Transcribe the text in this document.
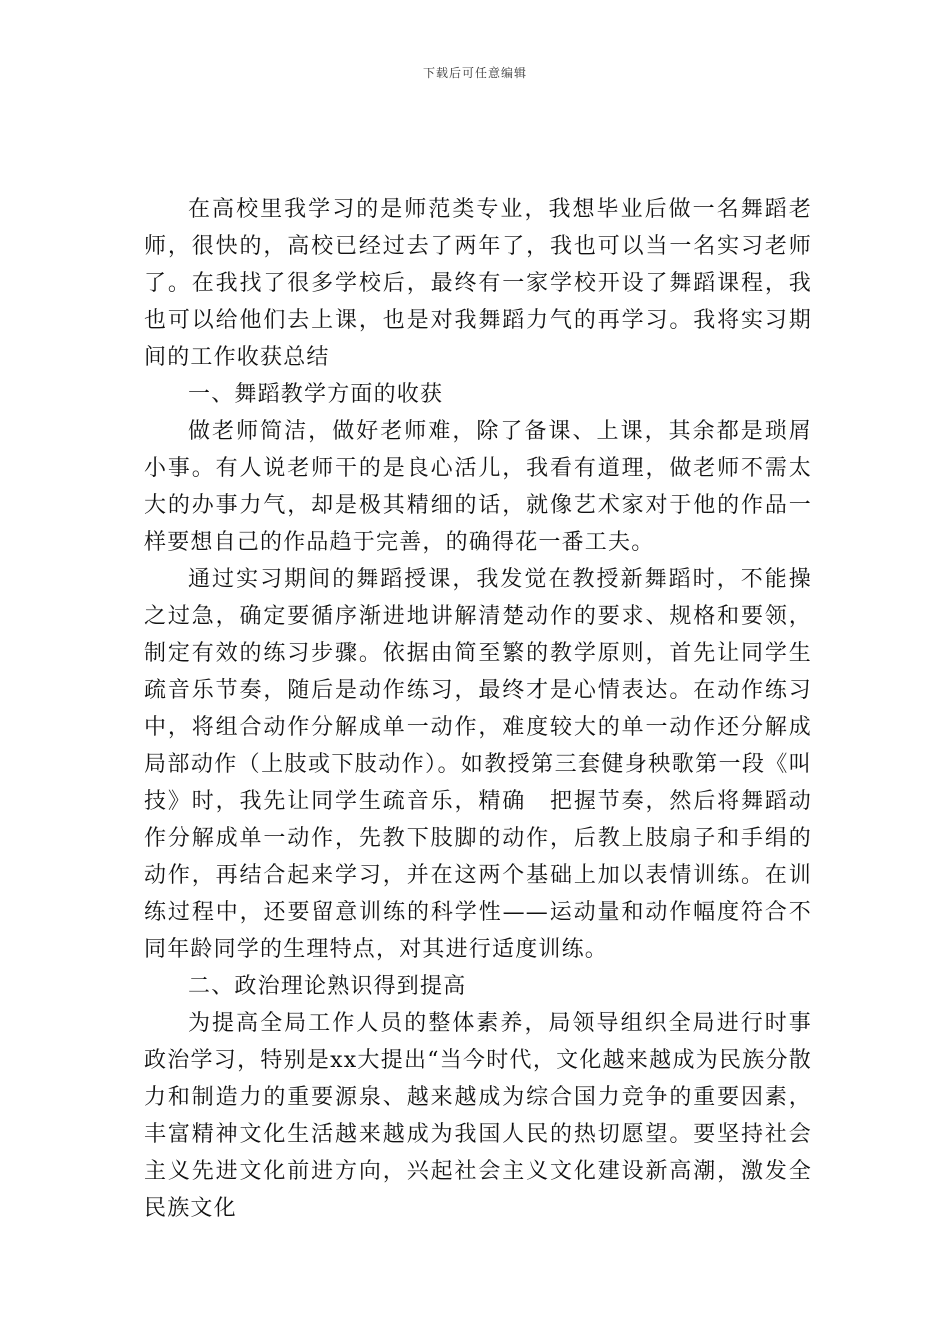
下载后可任意编辑

在高校里我学习的是师范类专业，我想毕业后做一名舞蹈老师，很快的，高校已经过去了两年了，我也可以当一名实习老师了。在我找了很多学校后，最终有一家学校开设了舞蹈课程，我也可以给他们去上课，也是对我舞蹈力气的再学习。我将实习期间的工作收获总结

一、舞蹈教学方面的收获

做老师简洁，做好老师难，除了备课、上课，其余都是琐屑小事。有人说老师干的是良心活儿，我看有道理，做老师不需太大的办事力气，却是极其精细的话，就像艺术家对于他的作品一样要想自己的作品趋于完善，的确得花一番工夫。

通过实习期间的舞蹈授课，我发觉在教授新舞蹈时，不能操之过急，确定要循序渐进地讲解清楚动作的要求、规格和要领，制定有效的练习步骤。依据由简至繁的教学原则，首先让同学生疏音乐节奏，随后是动作练习，最终才是心情表达。在动作练习中，将组合动作分解成单一动作，难度较大的单一动作还分解成局部动作（上肢或下肢动作）。如教授第三套健身秧歌第一段《叫技》时，我先让同学生疏音乐，精确　把握节奏，然后将舞蹈动作分解成单一动作，先教下肢脚的动作，后教上肢扇子和手绢的动作，再结合起来学习，并在这两个基础上加以表情训练。在训练过程中，还要留意训练的科学性——运动量和动作幅度符合不同年龄同学的生理特点，对其进行适度训练。

二、政治理论熟识得到提高

为提高全局工作人员的整体素养，局领导组织全局进行时事政治学习，特别是xx大提出“当今时代，文化越来越成为民族分散力和制造力的重要源泉、越来越成为综合国力竞争的重要因素，丰富精神文化生活越来越成为我国人民的热切愿望。要坚持社会主义先进文化前进方向，兴起社会主义文化建设新高潮，激发全民族文化
